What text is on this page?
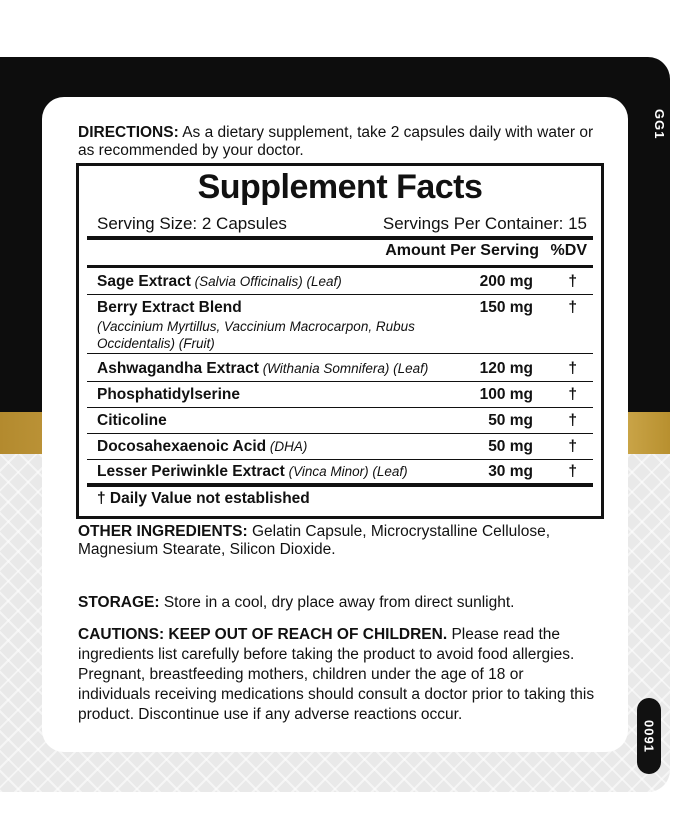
GG1
0091
DIRECTIONS: As a dietary supplement, take 2 capsules daily with water or as recommended by your doctor.
Supplement Facts
Serving Size: 2 Capsules	Servings Per Container: 15
Amount Per Serving %DV
Sage Extract (Salvia Officinalis) (Leaf)	200 mg †
Berry Extract Blend	150 mg †
(Vaccinium Myrtillus, Vaccinium Macrocarpon, Rubus Occidentalis) (Fruit)
Ashwagandha Extract (Withania Somnifera) (Leaf)	120 mg †
Phosphatidylserine	100 mg †
Citicoline	50 mg †
Docosahexaenoic Acid (DHA)	50 mg †
Lesser Periwinkle Extract (Vinca Minor) (Leaf)	30 mg †
† Daily Value not established
OTHER INGREDIENTS: Gelatin Capsule, Microcrystalline Cellulose, Magnesium Stearate, Silicon Dioxide.
STORAGE: Store in a cool, dry place away from direct sunlight.
CAUTIONS: KEEP OUT OF REACH OF CHILDREN. Please read the ingredients list carefully before taking the product to avoid food allergies. Pregnant, breastfeeding mothers, children under the age of 18 or individuals receiving medications should consult a doctor prior to taking this product. Discontinue use if any adverse reactions occur.
